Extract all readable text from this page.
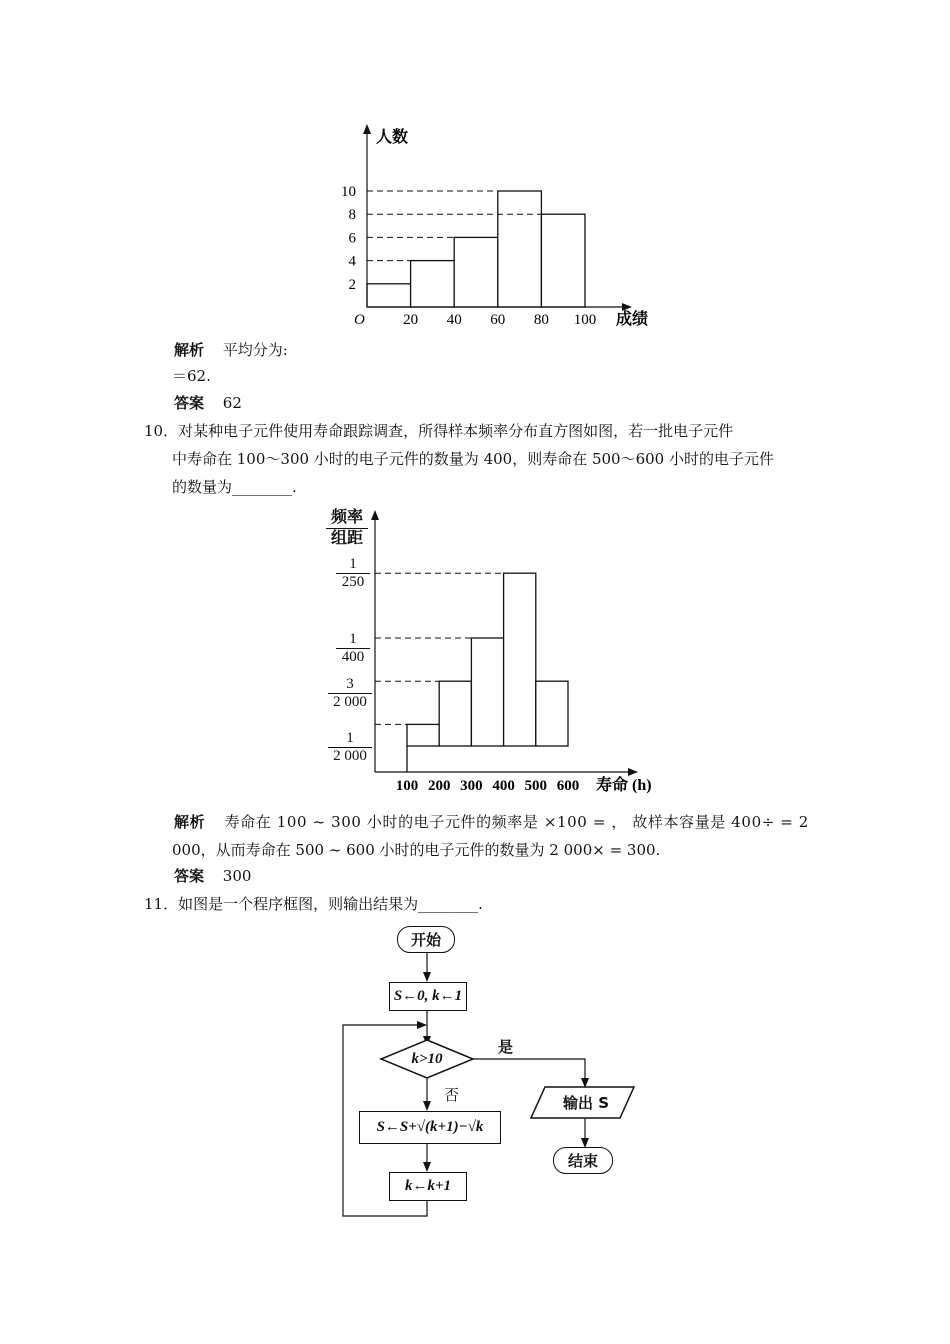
10
8
6
4
2
20 40 60 80 100
O
人数
成绩
解析 平均分为:
＝62.
答案 62
10．对某种电子元件使用寿命跟踪调查，所得样本频率分布直方图如图，若一批电子元件
中寿命在 100～300 小时的电子元件的数量为 400，则寿命在 500～600 小时的电子元件
的数量为________.
100 200 300 400 500 600 寿命 (h)
频率
组距
$\frac{1}{250}$
$\frac{1}{400}$
$\frac{3}{2 000}$
$\frac{1}{2 000}$
解析 寿命在 100 ~ 300 小时的电子元件的频率是 ×100 = ， 故样本容量是 400÷ = 2
000，从而寿命在 500 ~ 600 小时的电子元件的数量为 2 000× = 300.
答案 300
11．如图是一个程序框图，则输出结果为________.
开始
S←0, k←1
k>10
是
否
S←S+√(k+1)−√k
k←k+1
输出 S
结束
